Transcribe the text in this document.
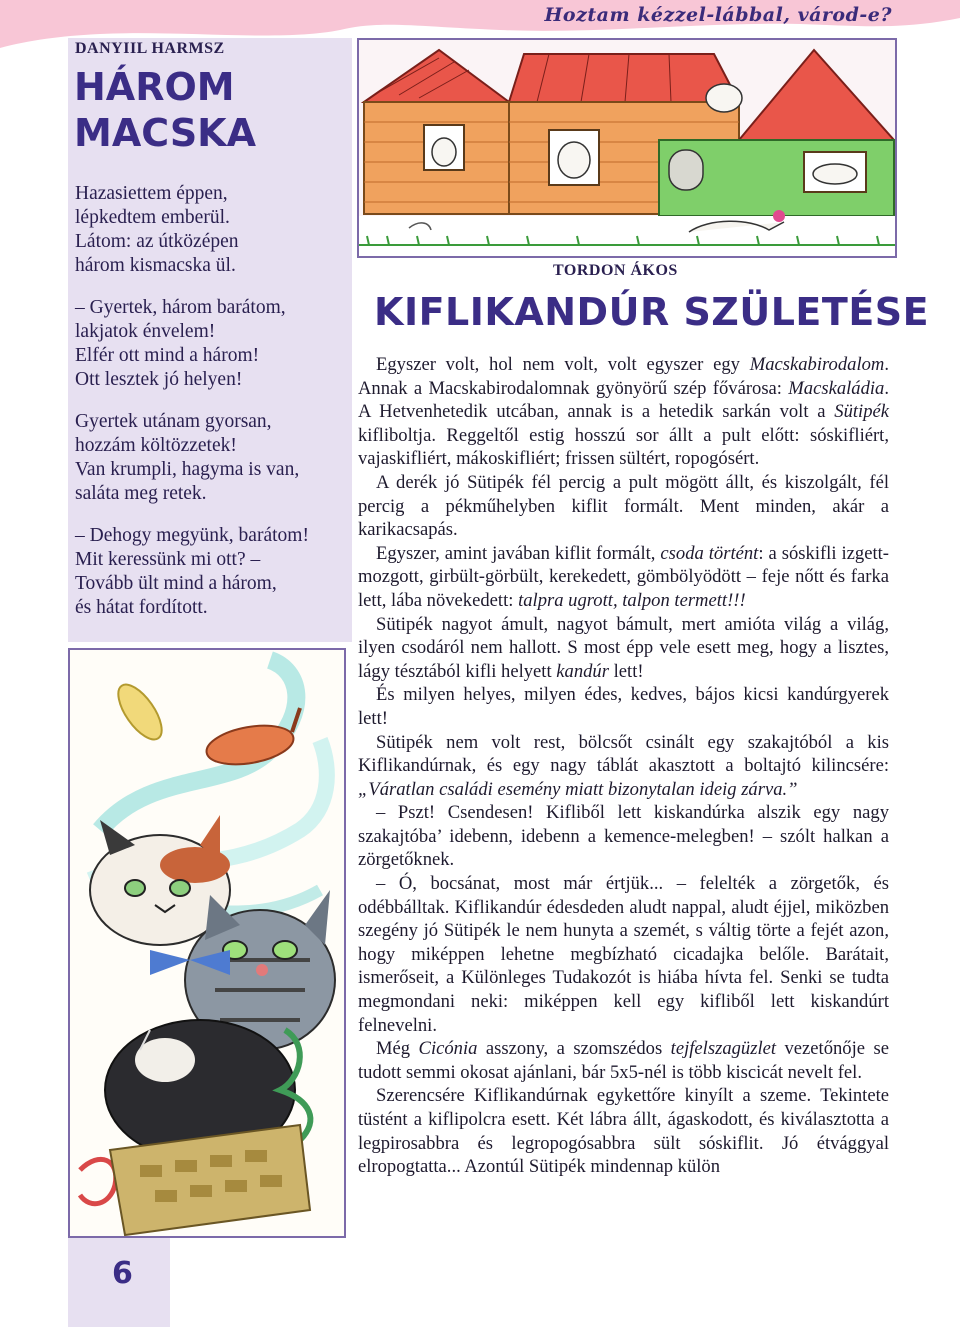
Hoztam kézzel-lábbal, várod-e?
DANYIIL HARMSZ
HÁROM
MACSKA
Hazasiettem éppen,
lépkedtem emberül.
Látom: az útközépen
három kismacska ül.
– Gyertek, három barátom,
lakjatok énvelem!
Elfér ott mind a három!
Ott lesztek jó helyen!
Gyertek utánam gyorsan,
hozzám költözzetek!
Van krumpli, hagyma is van,
saláta meg retek.
– Dehogy megyünk, barátom!
Mit keressünk mi ott? –
Tovább ült mind a három,
és hátat fordított.
6
TORDON ÁKOS
KIFLIKANDÚR SZÜLETÉSE

Egyszer volt, hol nem volt, volt egyszer egy Macskabirodalom. Annak a Macskabirodalomnak gyönyörű szép fővárosa: Macskaládia. A Hetvenhetedik utcában, annak is a hetedik sarkán volt a Sütipék kifliboltja. Reggeltől estig hosszú sor állt a pult előtt: sóskifliért, vajaskifliért, mákoskifliért; frissen sültért, ropogósért.

A derék jó Sütipék fél percig a pult mögött állt, és kiszolgált, fél percig a pékműhelyben kiflit formált. Ment minden, akár a karikacsapás.

Egyszer, amint javában kiflit formált, csoda történt: a sóskifli izgett-mozgott, girbült-görbült, kerekedett, gömbölyödött – feje nőtt és farka lett, lába növekedett: talpra ugrott, talpon termett!!!

Sütipék nagyot ámult, nagyot bámult, mert amióta világ a világ, ilyen csodáról nem hallott. S most épp vele esett meg, hogy a lisztes, lágy tésztából kifli helyett kandúr lett!

És milyen helyes, milyen édes, kedves, bájos kicsi kandúrgyerek lett!

Sütipék nem volt rest, bölcsőt csinált egy szakajtóból a kis Kiflikandúrnak, és egy nagy táblát akasztott a boltajtó kilincsére: „Váratlan családi esemény miatt bizonytalan ideig zárva.”

– Pszt! Csendesen! Kifliből lett kiskandúrka alszik egy nagy szakajtóba’ idebenn, idebenn a kemence-melegben! – szólt halkan a zörgetőknek.

– Ó, bocsánat, most már értjük... – felelték a zörgetők, és odébbálltak. Kiflikandúr édesdeden aludt nappal, aludt éjjel, miközben szegény jó Sütipék le nem hunyta a szemét, s váltig törte a fejét azon, hogy miképpen lehetne megbízható cicadajka belőle. Barátait, ismerőseit, a Különleges Tudakozót is hiába hívta fel. Senki se tudta megmondani neki: miképpen kell egy kifliből lett kiskandúrt felnevelni.

Még Cicónia asszony, a szomszédos tejfelszagüzlet vezetőnője se tudott semmi okosat ajánlani, bár 5x5-nél is több kiscicát nevelt fel.

Szerencsére Kiflikandúrnak egykettőre kinyílt a szeme. Tekintete tüstént a kiflipolcra esett. Két lábra állt, ágaskodott, és kiválasztotta a legpirosabbra és legropogósabbra sült sóskiflit. Jó étvággyal elropogtatta... Azontúl Sütipék mindennap külön
